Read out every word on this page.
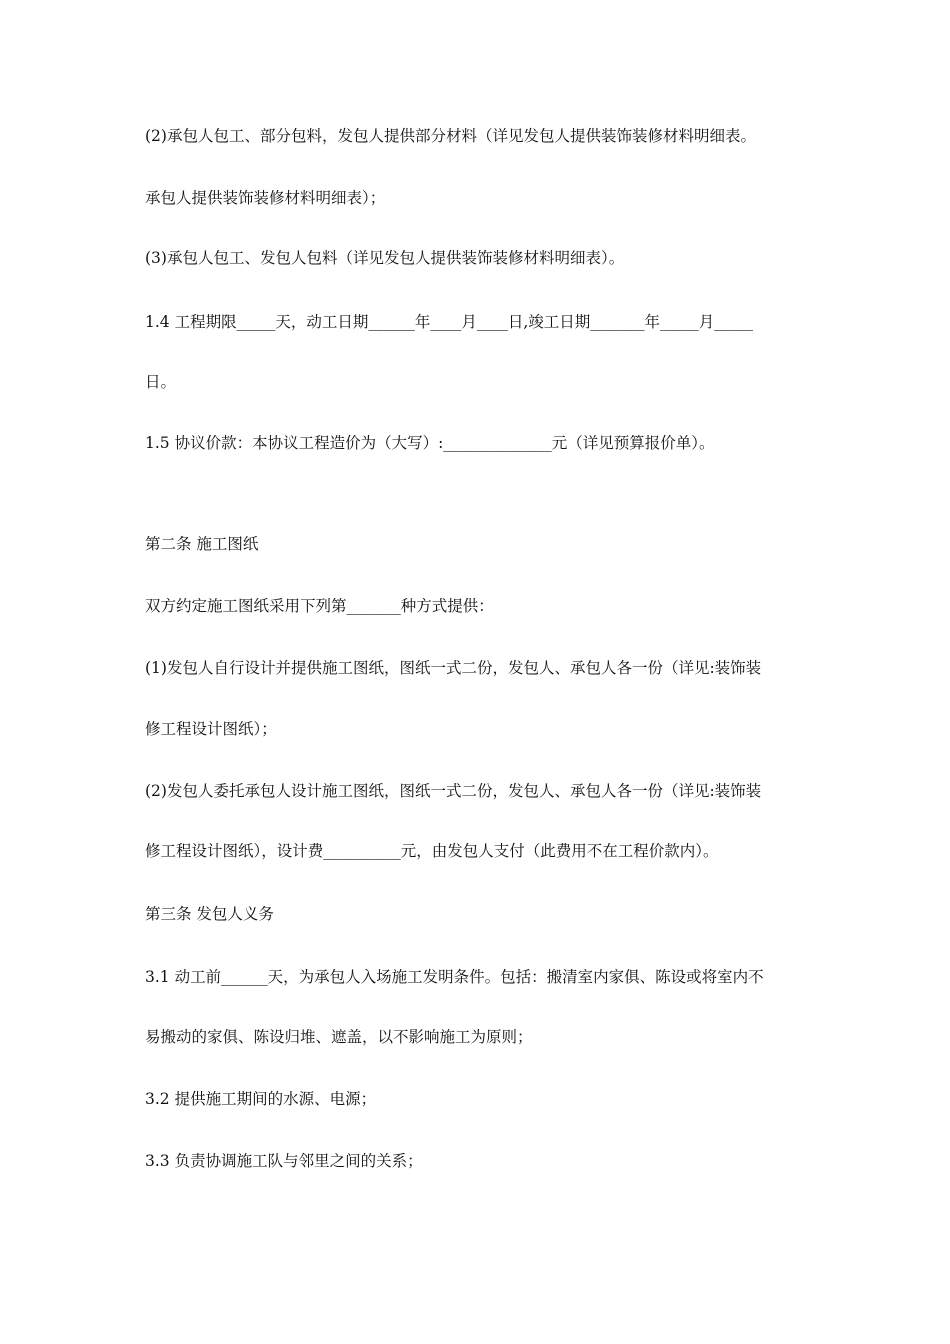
(2)承包人包工、部分包料，发包人提供部分材料（详见发包人提供装饰装修材料明细表。
承包人提供装饰装修材料明细表）；
(3)承包人包工、发包人包料（详见发包人提供装饰装修材料明细表）。
1.4 工程期限_____天，动工日期______年____月____日,竣工日期_______年_____月_____
日。
1.5 协议价款：本协议工程造价为（大写）:______________元（详见预算报价单）。
第二条 施工图纸
双方约定施工图纸采用下列第_______种方式提供：
(1)发包人自行设计并提供施工图纸，图纸一式二份，发包人、承包人各一份（详见:装饰装
修工程设计图纸）；
(2)发包人委托承包人设计施工图纸，图纸一式二份，发包人、承包人各一份（详见:装饰装
修工程设计图纸），设计费__________元，由发包人支付（此费用不在工程价款内）。
第三条 发包人义务
3.1 动工前______天，为承包人入场施工发明条件。包括：搬清室内家俱、陈设或将室内不
易搬动的家俱、陈设归堆、遮盖，以不影响施工为原则；
3.2 提供施工期间的水源、电源；
3.3 负责协调施工队与邻里之间的关系；
